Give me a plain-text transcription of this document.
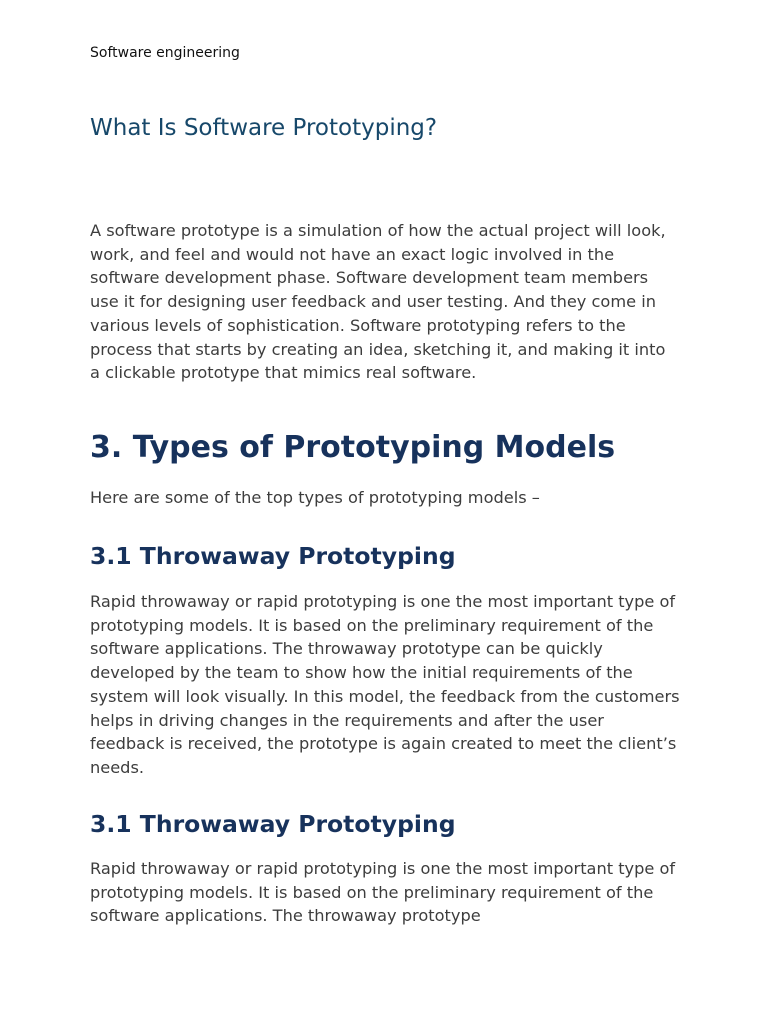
Software engineering
What Is Software Prototyping?

A software prototype is a simulation of how the actual project will look, work, and feel and would not have an exact logic involved in the software development phase. Software development team members use it for designing user feedback and user testing. And they come in various levels of sophistication. Software prototyping refers to the process that starts by creating an idea, sketching it, and making it into a clickable prototype that mimics real software.

3. Types of Prototyping Models

Here are some of the top types of prototyping models –

3.1 Throwaway Prototyping

Rapid throwaway or rapid prototyping is one the most important type of prototyping models. It is based on the preliminary requirement of the software applications. The throwaway prototype can be quickly developed by the team to show how the initial requirements of the system will look visually. In this model, the feedback from the customers helps in driving changes in the requirements and after the user feedback is received, the prototype is again created to meet the client’s needs.

3.1 Throwaway Prototyping

Rapid throwaway or rapid prototyping is one the most important type of prototyping models. It is based on the preliminary requirement of the software applications. The throwaway prototype
